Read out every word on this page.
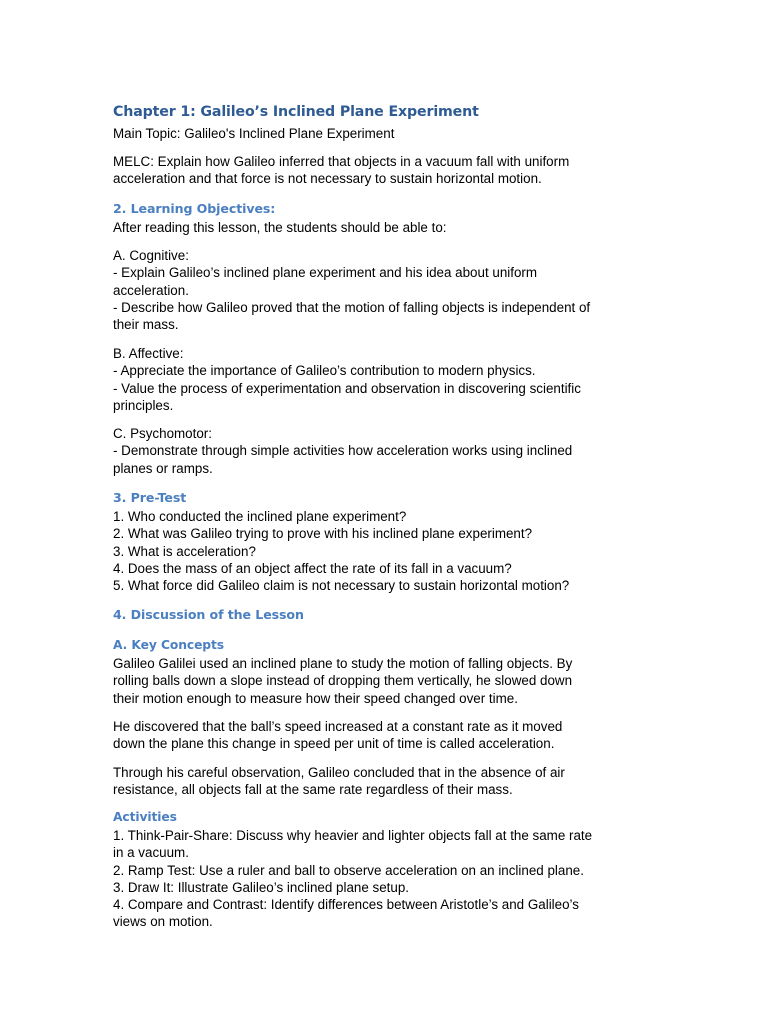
Chapter 1: Galileo’s Inclined Plane Experiment
Main Topic: Galileo's Inclined Plane Experiment
MELC: Explain how Galileo inferred that objects in a vacuum fall with uniform
acceleration and that force is not necessary to sustain horizontal motion.
2. Learning Objectives:
After reading this lesson, the students should be able to:
A. Cognitive:
- Explain Galileo’s inclined plane experiment and his idea about uniform
acceleration.
- Describe how Galileo proved that the motion of falling objects is independent of
their mass.
B. Affective:
- Appreciate the importance of Galileo’s contribution to modern physics.
- Value the process of experimentation and observation in discovering scientific
principles.
C. Psychomotor:
- Demonstrate through simple activities how acceleration works using inclined
planes or ramps.
3. Pre-Test
1. Who conducted the inclined plane experiment?
2. What was Galileo trying to prove with his inclined plane experiment?
3. What is acceleration?
4. Does the mass of an object affect the rate of its fall in a vacuum?
5. What force did Galileo claim is not necessary to sustain horizontal motion?
4. Discussion of the Lesson
A. Key Concepts
Galileo Galilei used an inclined plane to study the motion of falling objects. By
rolling balls down a slope instead of dropping them vertically, he slowed down
their motion enough to measure how their speed changed over time.
He discovered that the ball’s speed increased at a constant rate as it moved
down the plane this change in speed per unit of time is called acceleration.
Through his careful observation, Galileo concluded that in the absence of air
resistance, all objects fall at the same rate regardless of their mass.
Activities
1. Think-Pair-Share: Discuss why heavier and lighter objects fall at the same rate
in a vacuum.
2. Ramp Test: Use a ruler and ball to observe acceleration on an inclined plane.
3. Draw It: Illustrate Galileo’s inclined plane setup.
4. Compare and Contrast: Identify differences between Aristotle’s and Galileo’s
views on motion.
